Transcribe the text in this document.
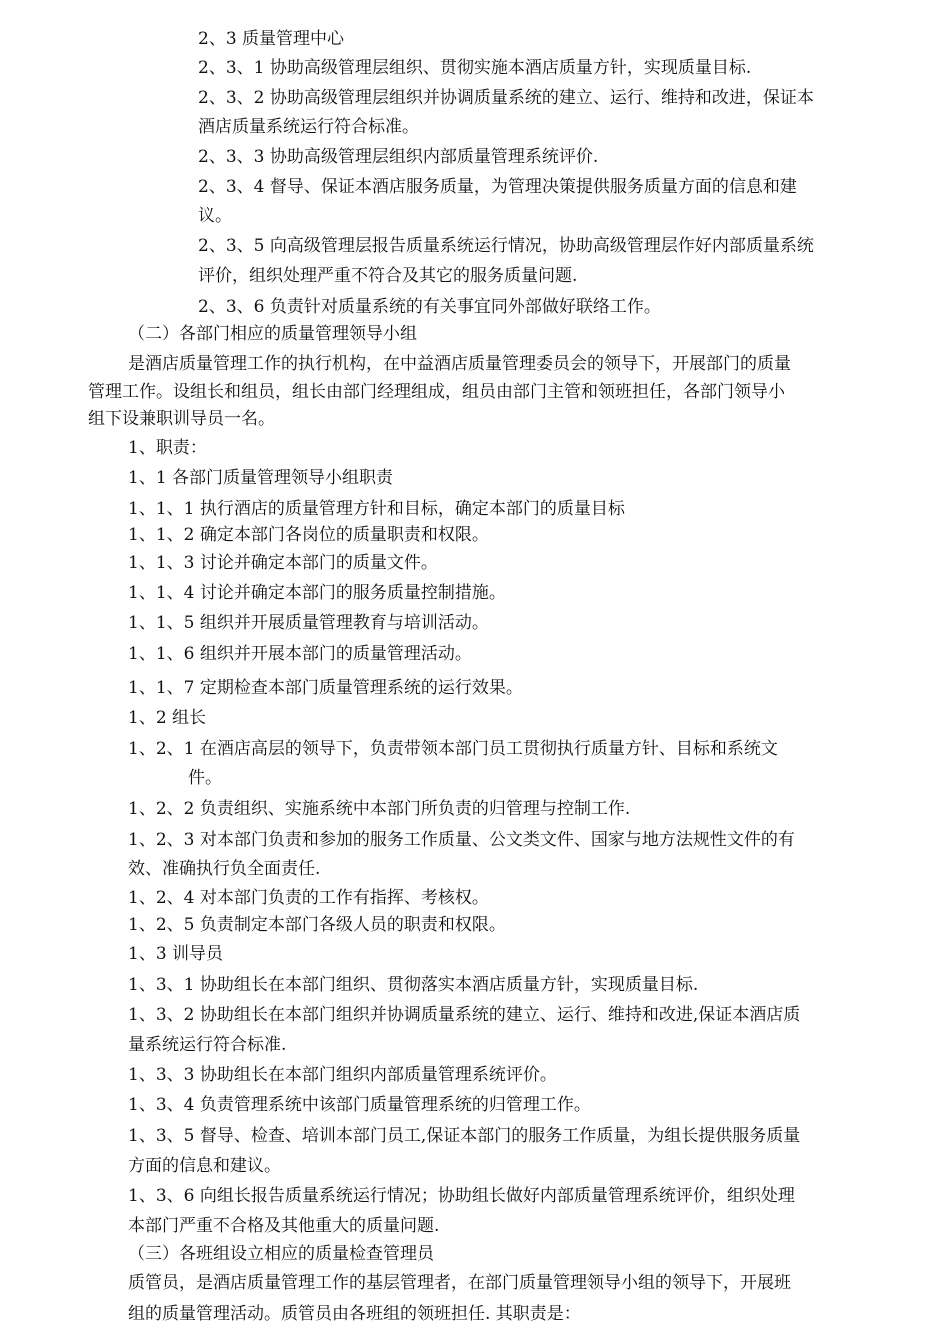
2、3 质量管理中心
2、3、1 协助高级管理层组织、贯彻实施本酒店质量方针，实现质量目标.
2、3、2 协助高级管理层组织并协调质量系统的建立、运行、维持和改进，保证本
酒店质量系统运行符合标准。
2、3、3 协助高级管理层组织内部质量管理系统评价.
2、3、4 督导、保证本酒店服务质量，为管理决策提供服务质量方面的信息和建
议。
2、3、5 向高级管理层报告质量系统运行情况，协助高级管理层作好内部质量系统
评价，组织处理严重不符合及其它的服务质量问题.
2、3、6 负责针对质量系统的有关事宜同外部做好联络工作。
（二）各部门相应的质量管理领导小组
是酒店质量管理工作的执行机构，在中益酒店质量管理委员会的领导下，开展部门的质量
管理工作。设组长和组员，组长由部门经理组成，组员由部门主管和领班担任，各部门领导小
组下设兼职训导员一名。
1、职责：
1、1 各部门质量管理领导小组职责
1、1、1 执行酒店的质量管理方针和目标，确定本部门的质量目标
1、1、2 确定本部门各岗位的质量职责和权限。
1、1、3 讨论并确定本部门的质量文件。
1、1、4 讨论并确定本部门的服务质量控制措施。
1、1、5 组织并开展质量管理教育与培训活动。
1、1、6 组织并开展本部门的质量管理活动。
1、1、7 定期检查本部门质量管理系统的运行效果。
1、2 组长
1、2、1 在酒店高层的领导下，负责带领本部门员工贯彻执行质量方针、目标和系统文
件。
1、2、2 负责组织、实施系统中本部门所负责的归管理与控制工作.
1、2、3 对本部门负责和参加的服务工作质量、公文类文件、国家与地方法规性文件的有
效、准确执行负全面责任.
1、2、4 对本部门负责的工作有指挥、考核权。
1、2、5 负责制定本部门各级人员的职责和权限。
1、3 训导员
1、3、1 协助组长在本部门组织、贯彻落实本酒店质量方针，实现质量目标.
1、3、2 协助组长在本部门组织并协调质量系统的建立、运行、维持和改进,保证本酒店质
量系统运行符合标准.
1、3、3 协助组长在本部门组织内部质量管理系统评价。
1、3、4 负责管理系统中该部门质量管理系统的归管理工作。
1、3、5 督导、检查、培训本部门员工,保证本部门的服务工作质量，为组长提供服务质量
方面的信息和建议。
1、3、6 向组长报告质量系统运行情况；协助组长做好内部质量管理系统评价，组织处理
本部门严重不合格及其他重大的质量问题.
（三）各班组设立相应的质量检查管理员
质管员，是酒店质量管理工作的基层管理者，在部门质量管理领导小组的领导下，开展班
组的质量管理活动。质管员由各班组的领班担任. 其职责是：
